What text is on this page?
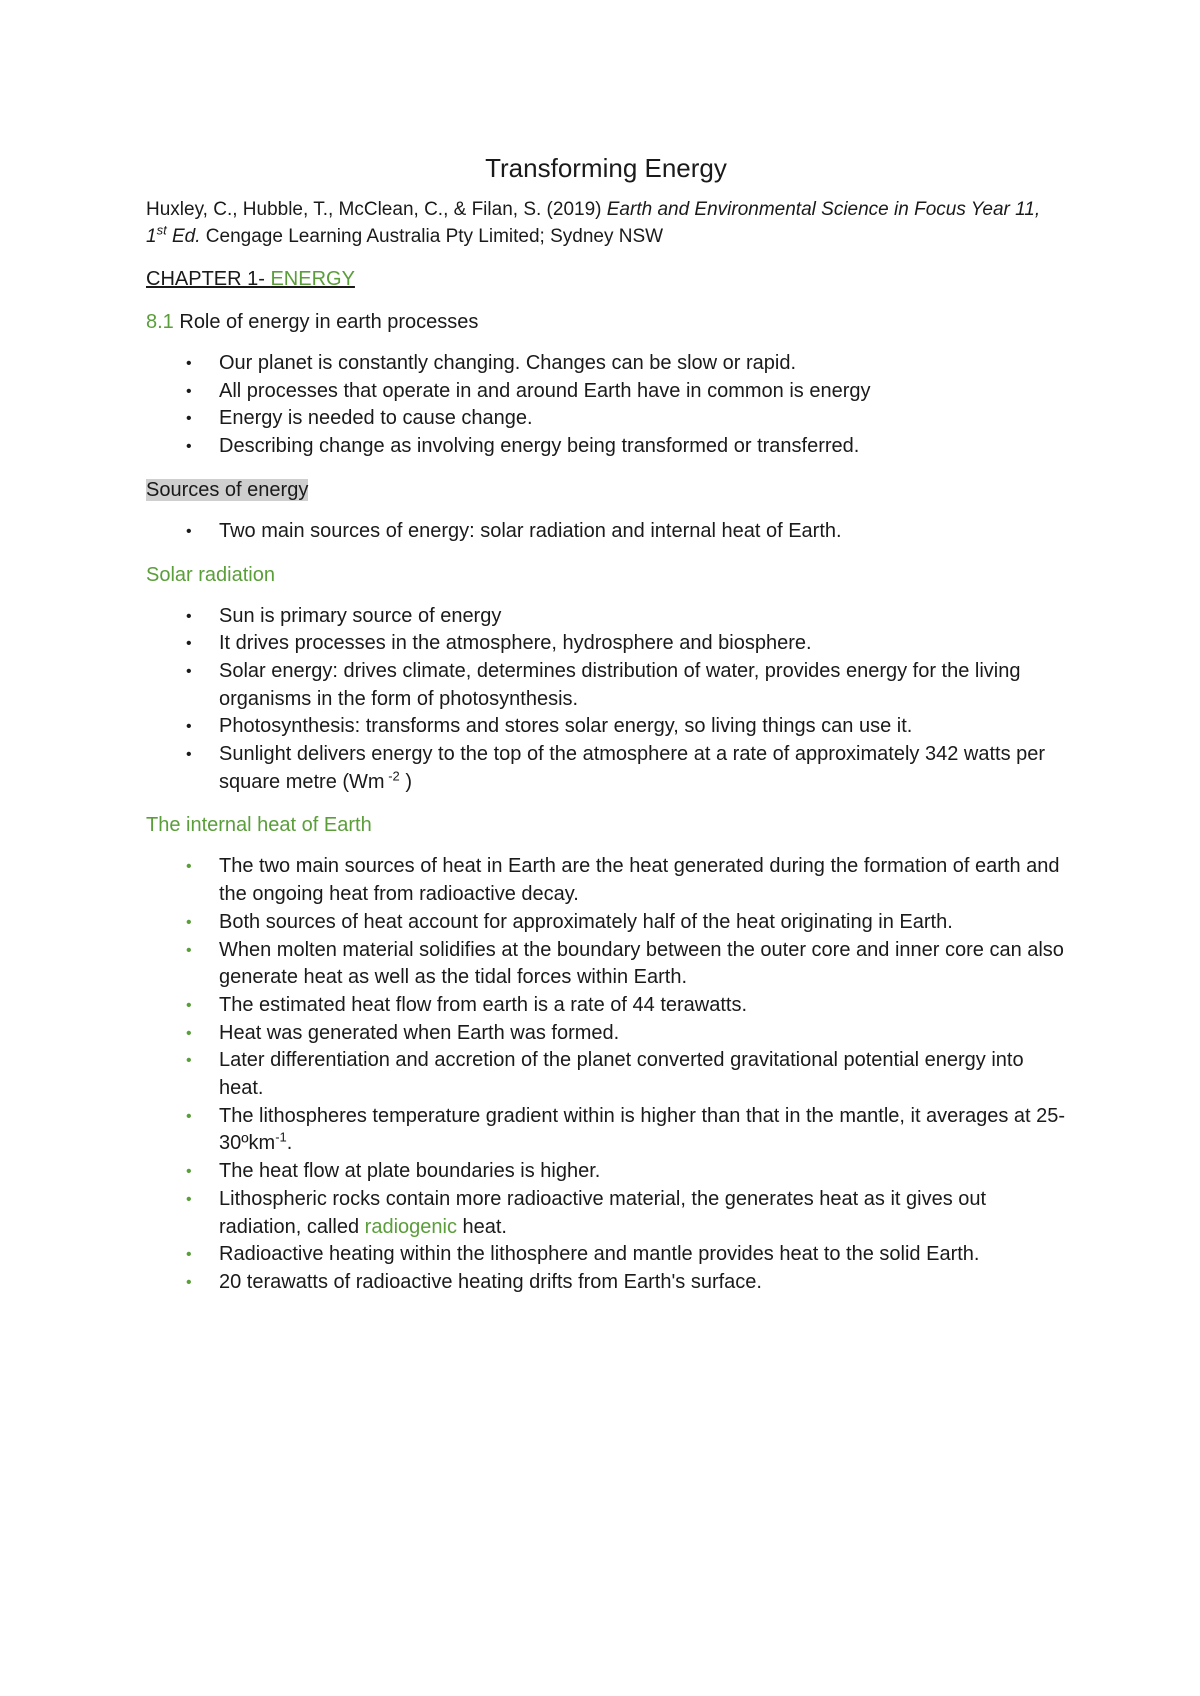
Transforming Energy
Huxley, C., Hubble, T., McClean, C., & Filan, S. (2019) Earth and Environmental Science in Focus Year 11, 1st Ed. Cengage Learning Australia Pty Limited; Sydney NSW
CHAPTER 1- ENERGY
8.1 Role of energy in earth processes
• Our planet is constantly changing. Changes can be slow or rapid.
• All processes that operate in and around Earth have in common is energy
• Energy is needed to cause change.
• Describing change as involving energy being transformed or transferred.
Sources of energy
• Two main sources of energy: solar radiation and internal heat of Earth.
Solar radiation
• Sun is primary source of energy
• It drives processes in the atmosphere, hydrosphere and biosphere.
• Solar energy: drives climate, determines distribution of water, provides energy for the living organisms in the form of photosynthesis.
• Photosynthesis: transforms and stores solar energy, so living things can use it.
• Sunlight delivers energy to the top of the atmosphere at a rate of approximately 342 watts per square metre (Wm $^{-2}$ )
The internal heat of Earth
• The two main sources of heat in Earth are the heat generated during the formation of earth and the ongoing heat from radioactive decay.
• Both sources of heat account for approximately half of the heat originating in Earth.
• When molten material solidifies at the boundary between the outer core and inner core can also generate heat as well as the tidal forces within Earth.
• The estimated heat flow from earth is a rate of 44 terawatts.
• Heat was generated when Earth was formed.
• Later differentiation and accretion of the planet converted gravitational potential energy into heat.
• The lithospheres temperature gradient within is higher than that in the mantle, it averages at 25-30ºkm$^{-1}$.
• The heat flow at plate boundaries is higher.
• Lithospheric rocks contain more radioactive material, the generates heat as it gives out radiation, called radiogenic heat.
• Radioactive heating within the lithosphere and mantle provides heat to the solid Earth.
• 20 terawatts of radioactive heating drifts from Earth's surface.
